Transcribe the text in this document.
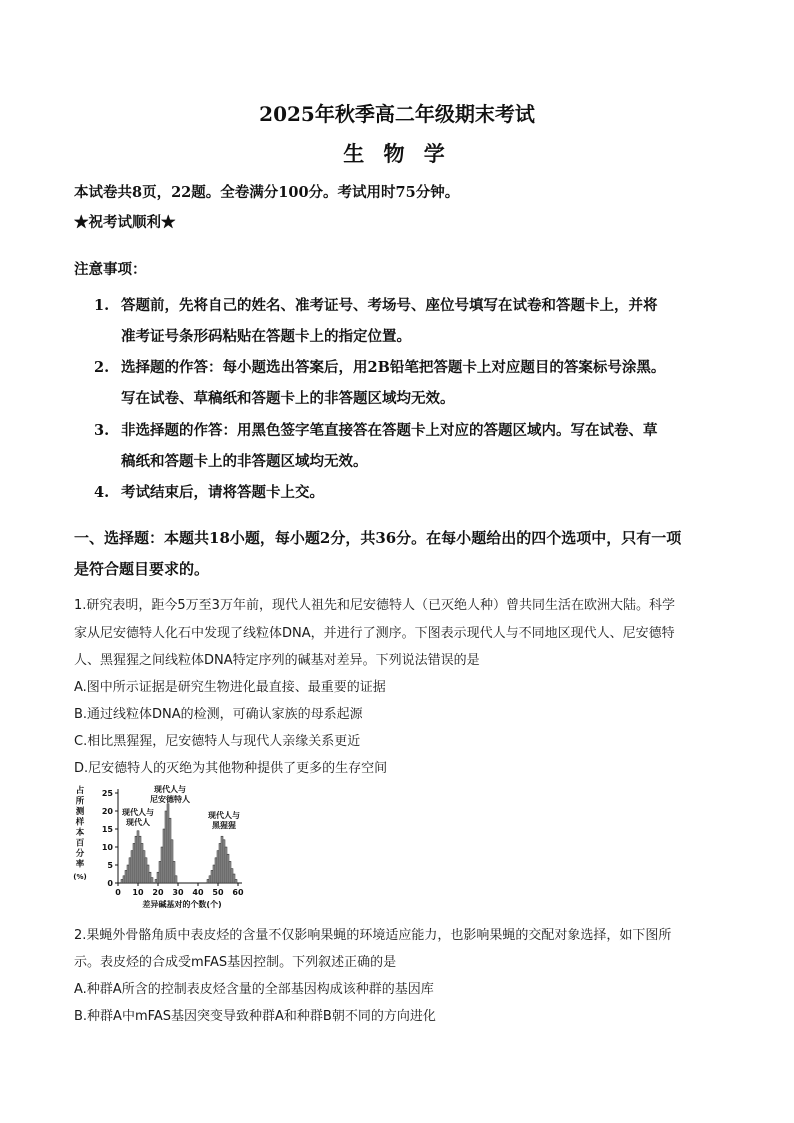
2025年秋季高二年级期末考试
生 物 学
本试卷共8页，22题。全卷满分100分。考试用时75分钟。
★祝考试顺利★
注意事项：
1. 答题前，先将自己的姓名、准考证号、考场号、座位号填写在试卷和答题卡上，并将
准考证号条形码粘贴在答题卡上的指定位置。
2. 选择题的作答：每小题选出答案后，用2B铅笔把答题卡上对应题目的答案标号涂黑。
写在试卷、草稿纸和答题卡上的非答题区域均无效。
3. 非选择题的作答：用黑色签字笔直接答在答题卡上对应的答题区域内。写在试卷、草
稿纸和答题卡上的非答题区域均无效。
4. 考试结束后，请将答题卡上交。
一、选择题：本题共18小题，每小题2分，共36分。在每小题给出的四个选项中，只有一项
是符合题目要求的。
1.研究表明，距今5万至3万年前，现代人祖先和尼安德特人（已灭绝人种）曾共同生活在欧洲大陆。科学
家从尼安德特人化石中发现了线粒体DNA，并进行了测序。下图表示现代人与不同地区现代人、尼安德特
人、黑猩猩之间线粒体DNA特定序列的碱基对差异。下列说法错误的是
A.图中所示证据是研究生物进化最直接、最重要的证据
B.通过线粒体DNA的检测，可确认家族的母系起源
C.相比黑猩猩，尼安德特人与现代人亲缘关系更近
D.尼安德特人的灭绝为其他物种提供了更多的生存空间
占
所
测
样
本
百
分
率
(%)
0
5
10
15
20
25
0 10 20 30 40 50 60
差异碱基对的个数(个)
现代人与
现代人
现代人与
尼安德特人
现代人与
黑猩猩
2.果蝇外骨骼角质中表皮烃的含量不仅影响果蝇的环境适应能力，也影响果蝇的交配对象选择，如下图所
示。表皮烃的合成受mFAS基因控制。下列叙述正确的是
A.种群A所含的控制表皮烃含量的全部基因构成该种群的基因库
B.种群A中mFAS基因突变导致种群A和种群B朝不同的方向进化
